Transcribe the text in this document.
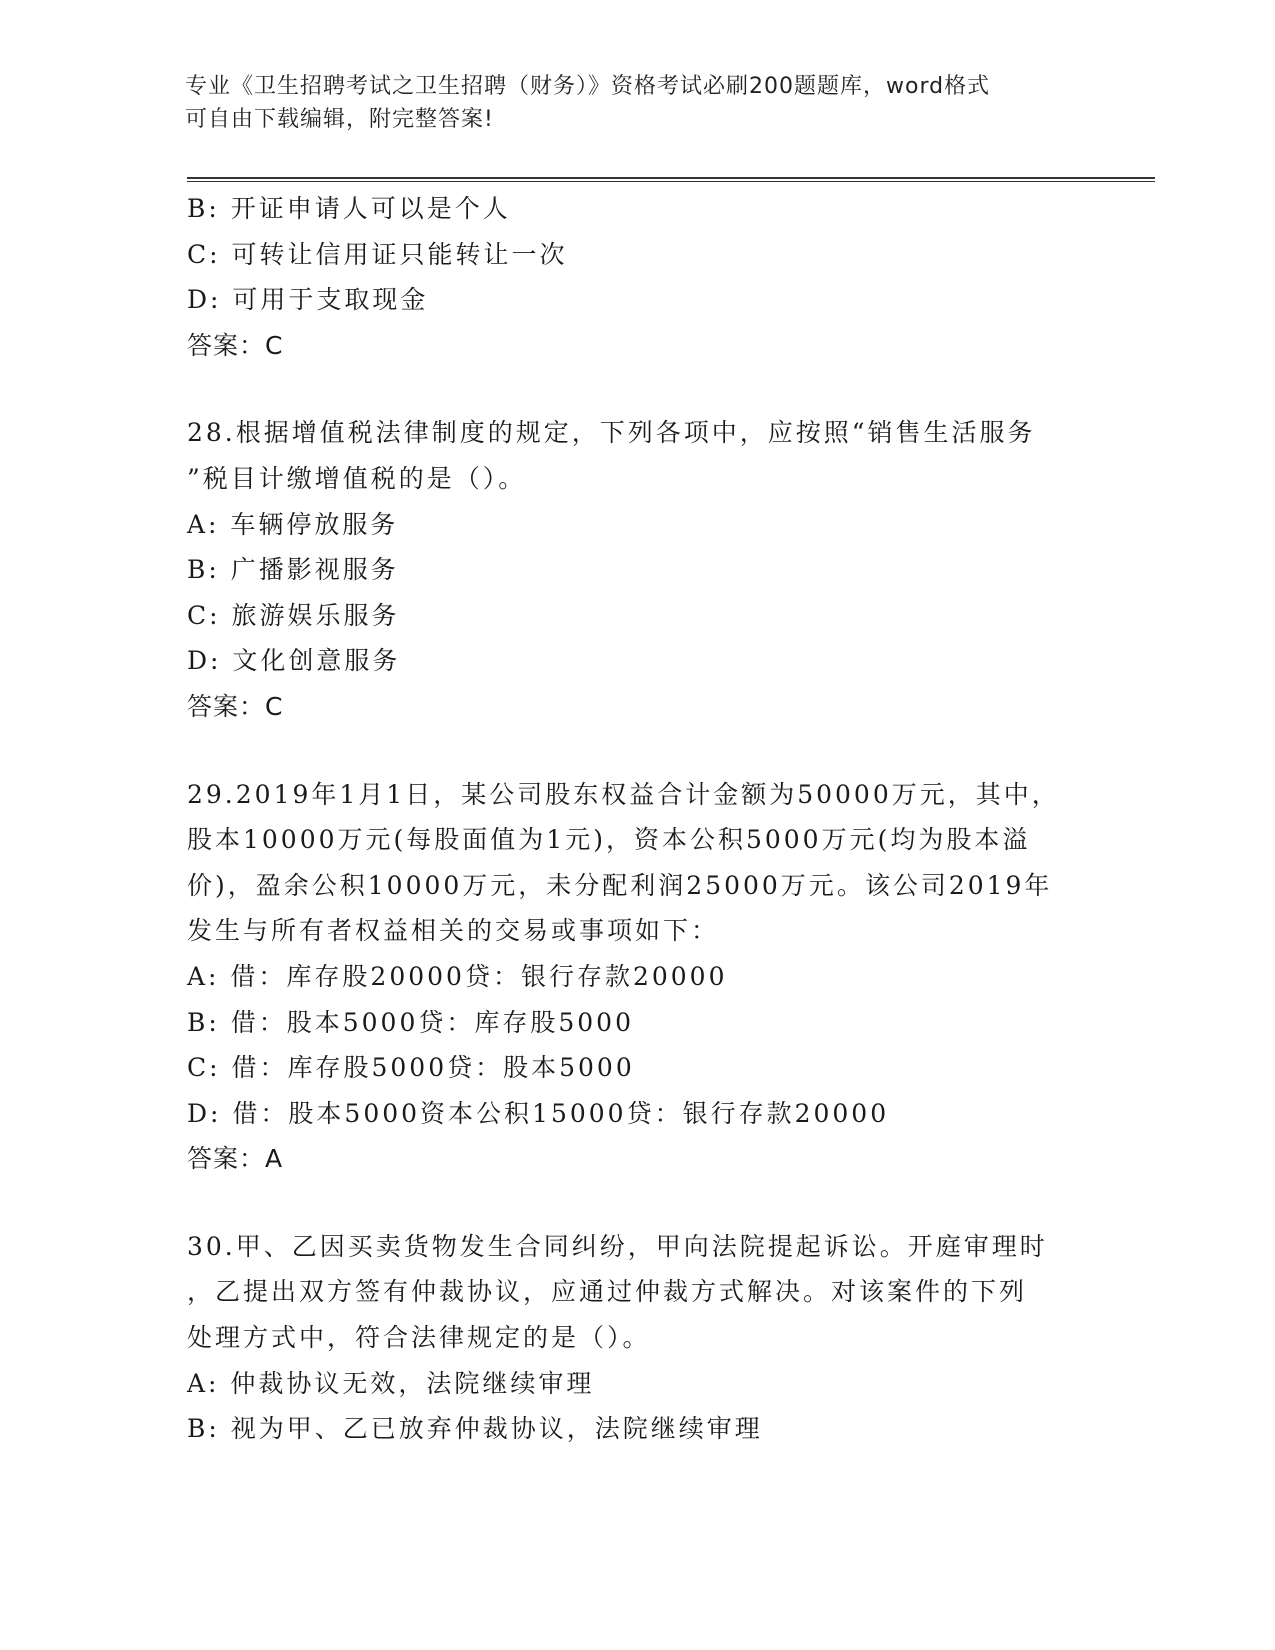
专业《卫生招聘考试之卫生招聘（财务）》资格考试必刷200题题库，word格式
可自由下载编辑，附完整答案!

B: 开证申请人可以是个人

C: 可转让信用证只能转让一次

D: 可用于支取现金

答案：C

28.根据增值税法律制度的规定，下列各项中，应按照“销售生活服务

”税目计缴增值税的是（）。

A: 车辆停放服务

B: 广播影视服务

C: 旅游娱乐服务

D: 文化创意服务

答案：C

29.2019年1月1日，某公司股东权益合计金额为50000万元，其中，

股本10000万元(每股面值为1元)，资本公积5000万元(均为股本溢

价)，盈余公积10000万元，未分配利润25000万元。该公司2019年

发生与所有者权益相关的交易或事项如下：

A: 借：库存股20000贷：银行存款20000

B: 借：股本5000贷：库存股5000

C: 借：库存股5000贷：股本5000

D: 借：股本5000资本公积15000贷：银行存款20000

答案：A

30.甲、乙因买卖货物发生合同纠纷，甲向法院提起诉讼。开庭审理时

，乙提出双方签有仲裁协议，应通过仲裁方式解决。对该案件的下列

处理方式中，符合法律规定的是（）。

A: 仲裁协议无效，法院继续审理

B: 视为甲、乙已放弃仲裁协议，法院继续审理
